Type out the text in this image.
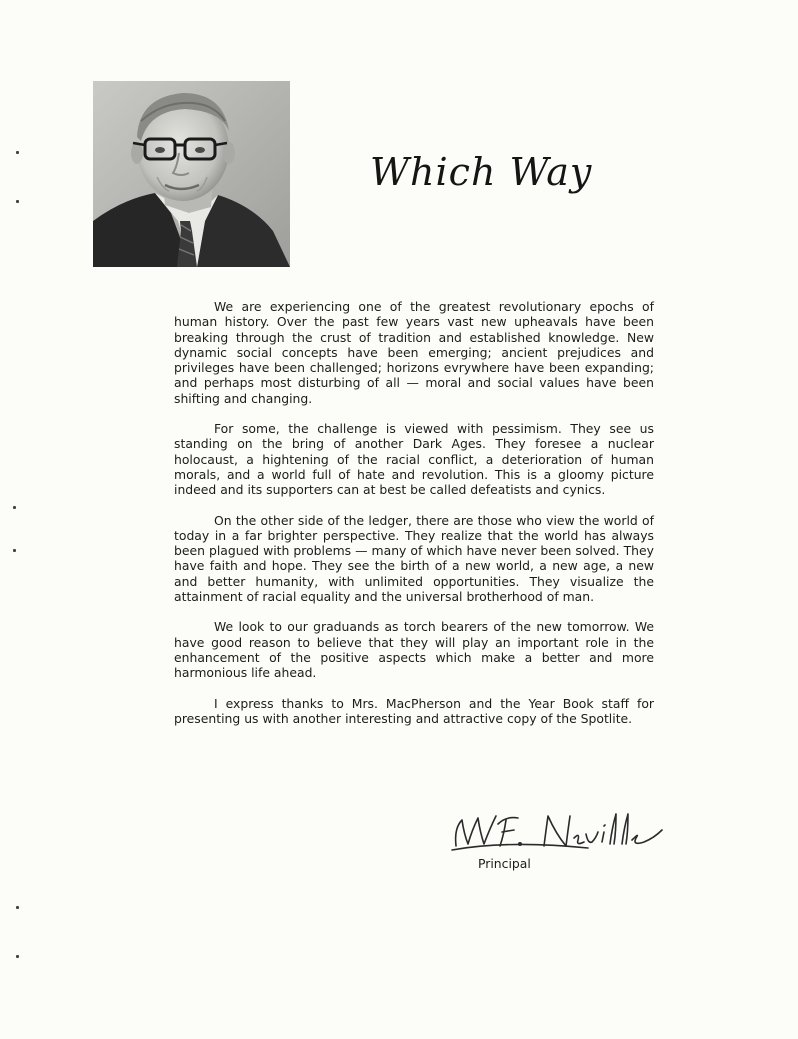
Which Way

We are experiencing one of the greatest revolutionary epochs of human history. Over the past few years vast new upheavals have been breaking through the crust of tradition and established knowledge. New dynamic social concepts have been emerging; ancient prejudices and privileges have been challenged; horizons evrywhere have been expanding; and perhaps most disturbing of all — moral and social values have been shifting and changing.

For some, the challenge is viewed with pessimism. They see us standing on the bring of another Dark Ages. They foresee a nuclear holocaust, a hightening of the racial conflict, a deterioration of human morals, and a world full of hate and revolution. This is a gloomy picture indeed and its supporters can at best be called defeatists and cynics.

On the other side of the ledger, there are those who view the world of today in a far brighter perspective. They realize that the world has always been plagued with problems — many of which have never been solved. They have faith and hope. They see the birth of a new world, a new age, a new and better humanity, with unlimited opportunities. They visualize the attainment of racial equality and the universal brotherhood of man.

We look to our graduands as torch bearers of the new tomorrow. We have good reason to believe that they will play an important role in the enhancement of the positive aspects which make a better and more harmonious life ahead.

I express thanks to Mrs. MacPherson and the Year Book staff for presenting us with another interesting and attractive copy of the Spotlite.

Principal
